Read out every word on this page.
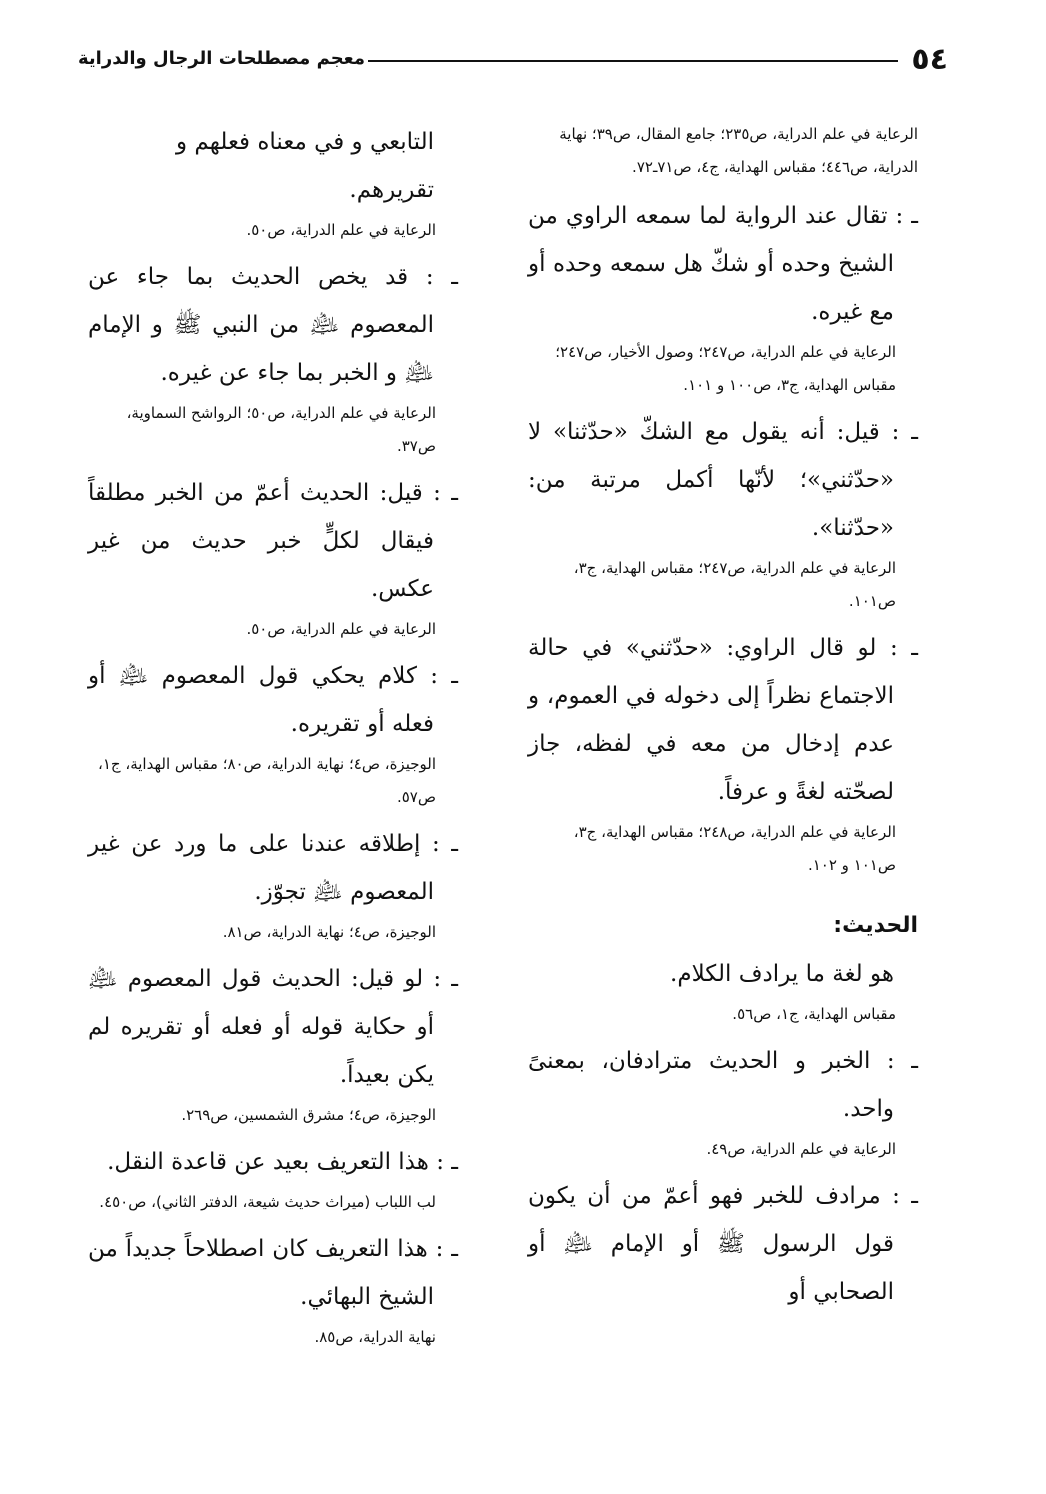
٥٤
معجم مصطلحات الرجال والدراية
الرعاية في علم الدراية، ص٢٣٥؛ جامع المقال، ص٣٩؛ نهاية الدراية، ص٤٤٦؛ مقباس الهداية، ج٤، ص٧١ـ٧٢.
ـ : تقال عند الرواية لما سمعه الراوي من الشيخ وحده أو شكّ هل سمعه وحده أو مع غيره.
الرعاية في علم الدراية، ص٢٤٧؛ وصول الأخيار، ص٢٤٧؛ مقباس الهداية، ج٣، ص١٠٠ و ١٠١.
ـ : قيل: أنه يقول مع الشكّ «حدّثنا» لا «حدّثني»؛ لأنّها أكمل مرتبة من: «حدّثنا».
الرعاية في علم الدراية، ص٢٤٧؛ مقباس الهداية، ج٣، ص١٠١.
ـ : لو قال الراوي: «حدّثني» في حالة الاجتماع نظراً إلى دخوله في العموم، و عدم إدخال من معه في لفظه، جاز لصحّته لغةً و عرفاً.
الرعاية في علم الدراية، ص٢٤٨؛ مقباس الهداية، ج٣، ص١٠١ و ١٠٢.
الحديث:
هو لغة ما يرادف الكلام.
مقباس الهداية، ج١، ص٥٦.
ـ : الخبر و الحديث مترادفان، بمعنىً واحد.
الرعاية في علم الدراية، ص٤٩.
ـ : مرادف للخبر فهو أعمّ من أن يكون قول الرسول ﷺ أو الإمام ﵇ أو الصحابي أو
التابعي و في معناه فعلهم و تقريرهم.
الرعاية في علم الدراية، ص٥٠.
ـ : قد يخص الحديث بما جاء عن المعصوم ﵇ من النبي ﷺ و الإمام ﵇ و الخبر بما جاء عن غيره.
الرعاية في علم الدراية، ص٥٠؛ الرواشح السماوية، ص٣٧.
ـ : قيل: الحديث أعمّ من الخبر مطلقاً فيقال لكلٍّ خبر حديث من غير عكس.
الرعاية في علم الدراية، ص٥٠.
ـ : كلام يحكي قول المعصوم ﵇ أو فعله أو تقريره.
الوجيزة، ص٤؛ نهاية الدراية، ص٨٠؛ مقباس الهداية، ج١، ص٥٧.
ـ : إطلاقه عندنا على ما ورد عن غير المعصوم ﵇ تجوّز.
الوجيزة، ص٤؛ نهاية الدراية، ص٨١.
ـ : لو قيل: الحديث قول المعصوم ﵇ أو حكاية قوله أو فعله أو تقريره لم يكن بعيداً.
الوجيزة، ص٤؛ مشرق الشمسين، ص٢٦٩.
ـ : هذا التعريف بعيد عن قاعدة النقل.
لب اللباب (ميراث حديث شيعة، الدفتر الثاني)، ص٤٥٠.
ـ : هذا التعريف كان اصطلاحاً جديداً من الشيخ البهائي.
نهاية الدراية، ص٨٥.
